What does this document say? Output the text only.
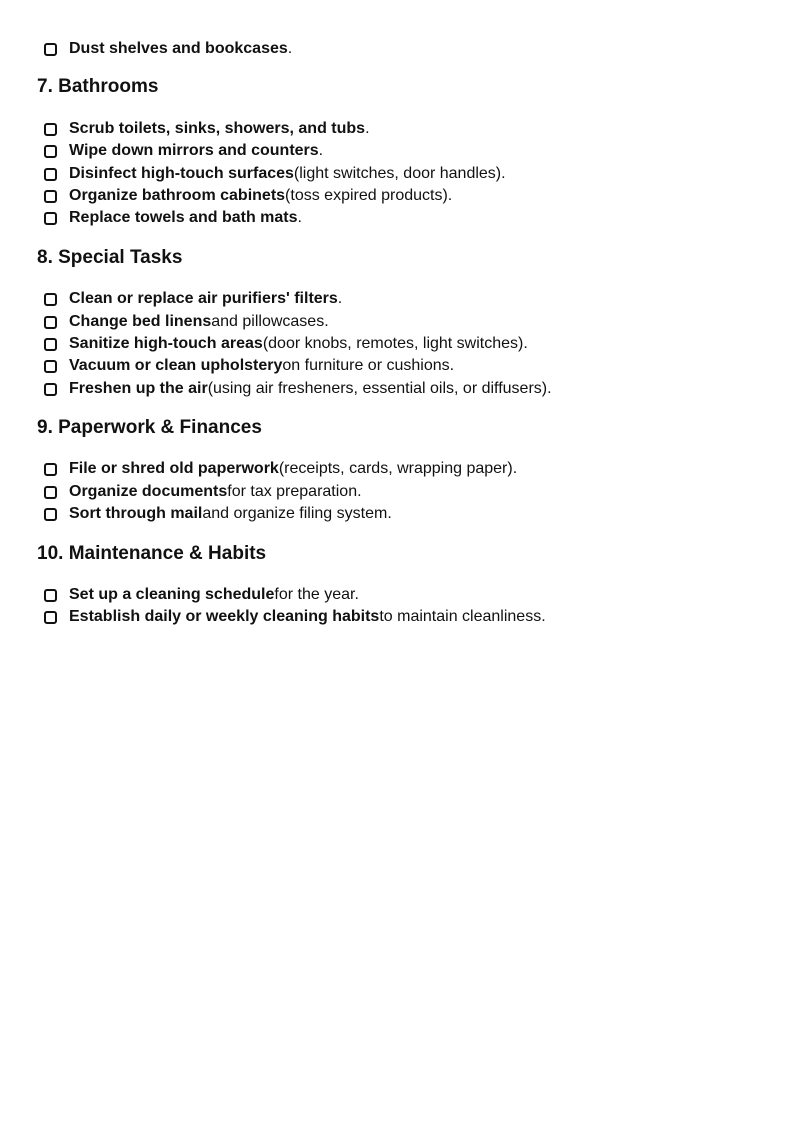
Dust shelves and bookcases .
7. Bathrooms
Scrub toilets, sinks, showers, and tubs .
Wipe down mirrors and counters .
Disinfect high-touch surfaces (light switches, door handles).
Organize bathroom cabinets (toss expired products).
Replace towels and bath mats .
8. Special Tasks
Clean or replace air purifiers' filters .
Change bed linens and pillowcases.
Sanitize high-touch areas (door knobs, remotes, light switches).
Vacuum or clean upholstery on furniture or cushions.
Freshen up the air (using air fresheners, essential oils, or diffusers).
9. Paperwork & Finances
File or shred old paperwork (receipts, cards, wrapping paper).
Organize documents for tax preparation.
Sort through mail and organize filing system.
10. Maintenance & Habits
Set up a cleaning schedule for the year.
Establish daily or weekly cleaning habits to maintain cleanliness.
